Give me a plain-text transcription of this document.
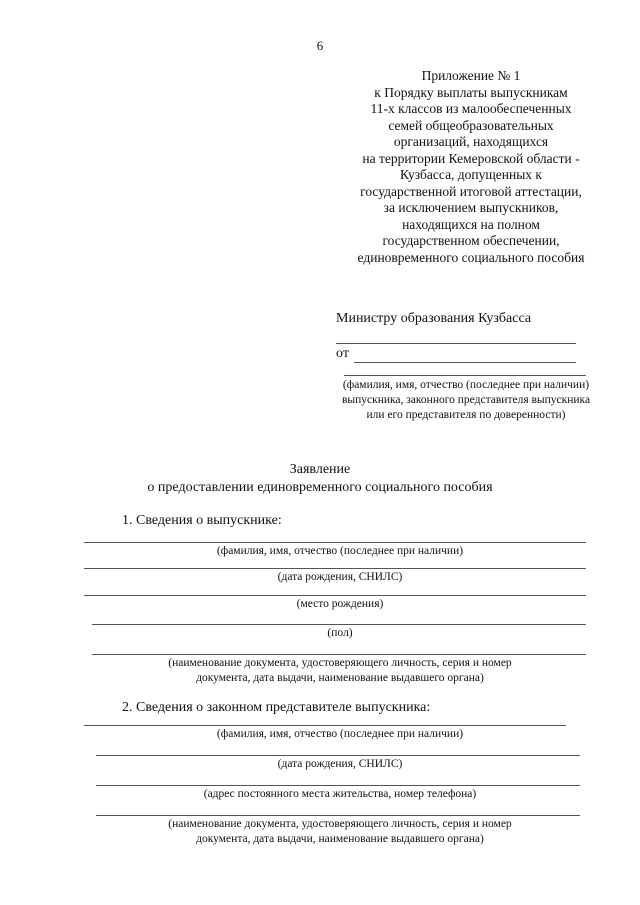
6
Приложение № 1
к Порядку выплаты выпускникам
11-х классов из малообеспеченных
семей общеобразовательных
организаций, находящихся
на территории Кемеровской области -
Кузбасса, допущенных к
государственной итоговой аттестации,
за исключением выпускников,
находящихся на полном
государственном обеспечении,
единовременного социального пособия
Министру образования Кузбасса
от
(фамилия, имя, отчество (последнее при наличии) выпускника, законного представителя выпускника или его представителя по доверенности)
Заявление
о предоставлении единовременного социального пособия
1. Сведения о выпускнике:
(фамилия, имя, отчество (последнее при наличии)
(дата рождения, СНИЛС)
(место рождения)
(пол)
(наименование документа, удостоверяющего личность, серия и номер документа, дата выдачи, наименование выдавшего органа)
2. Сведения о законном представителе выпускника:
(фамилия, имя, отчество (последнее при наличии)
(дата рождения, СНИЛС)
(адрес постоянного места жительства, номер телефона)
(наименование документа, удостоверяющего личность, серия и номер документа, дата выдачи, наименование выдавшего органа)
